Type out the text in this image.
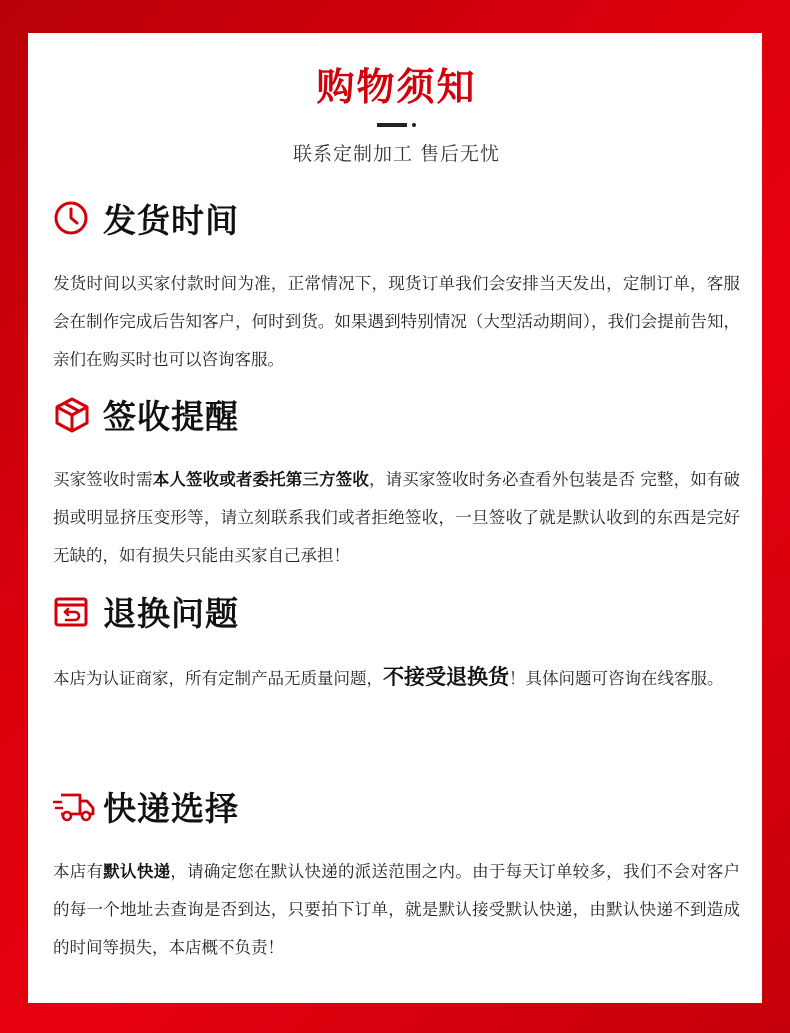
购物须知
联系定制加工 售后无忧
发货时间
发货时间以买家付款时间为准，正常情况下，现货订单我们会安排当天发出，定制订单，客服会在制作完成后告知客户，何时到货。如果遇到特别情况（大型活动期间），我们会提前告知，亲们在购买时也可以咨询客服。
签收提醒
买家签收时需本人签收或者委托第三方签收，请买家签收时务必查看外包装是否 完整，如有破损或明显挤压变形等，请立刻联系我们或者拒绝签收，一旦签收了就是默认收到的东西是完好无缺的，如有损失只能由买家自己承担！
退换问题
本店为认证商家，所有定制产品无质量问题，不接受退换货！具体问题可咨询在线客服。
快递选择
本店有默认快递，请确定您在默认快递的派送范围之内。由于每天订单较多，我们不会对客户的每一个地址去查询是否到达，只要拍下订单，就是默认接受默认快递，由默认快递不到造成的时间等损失，本店概不负责！
